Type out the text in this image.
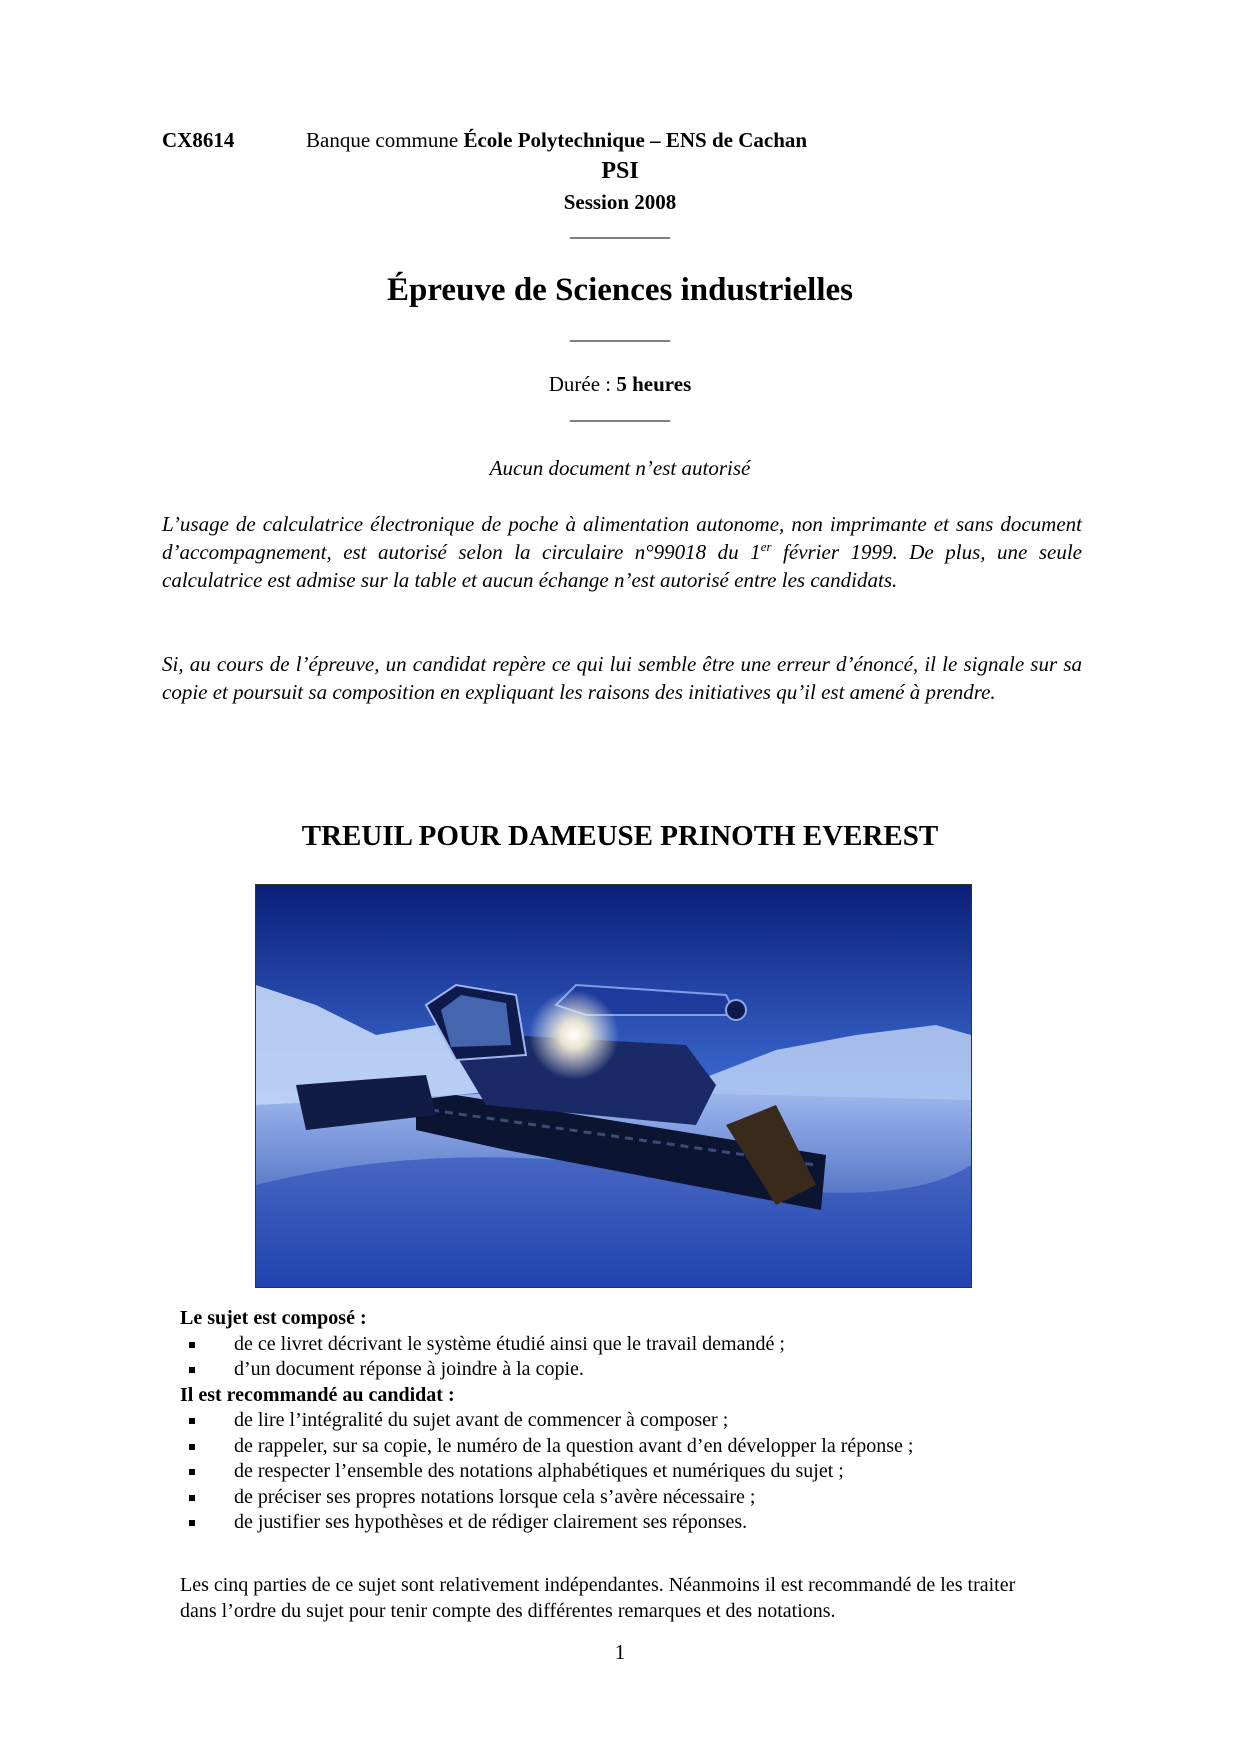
CX8614	Banque commune École Polytechnique – ENS de Cachan
PSI
Session 2008
__________
Épreuve de Sciences industrielles
__________
Durée : 5 heures
__________
Aucun document n’est autorisé
L’usage de calculatrice électronique de poche à alimentation autonome, non imprimante et sans document d’accompagnement, est autorisé selon la circulaire n°99018 du 1er février 1999. De plus, une seule calculatrice est admise sur la table et aucun échange n’est autorisé entre les candidats.
Si, au cours de l’épreuve, un candidat repère ce qui lui semble être une erreur d’énoncé, il le signale sur sa copie et poursuit sa composition en expliquant les raisons des initiatives qu’il est amené à prendre.
TREUIL POUR DAMEUSE PRINOTH EVEREST
Le sujet est composé :
de ce livret décrivant le système étudié ainsi que le travail demandé ;
d’un document réponse à joindre à la copie.
Il est recommandé au candidat :
de lire l’intégralité du sujet avant de commencer à composer ;
de rappeler, sur sa copie, le numéro de la question avant d’en développer la réponse ;
de respecter l’ensemble des notations alphabétiques et numériques du sujet ;
de préciser ses propres notations lorsque cela s’avère nécessaire ;
de justifier ses hypothèses et de rédiger clairement ses réponses.
Les cinq parties de ce sujet sont relativement indépendantes. Néanmoins il est recommandé de les traiter dans l’ordre du sujet pour tenir compte des différentes remarques et des notations.
1
